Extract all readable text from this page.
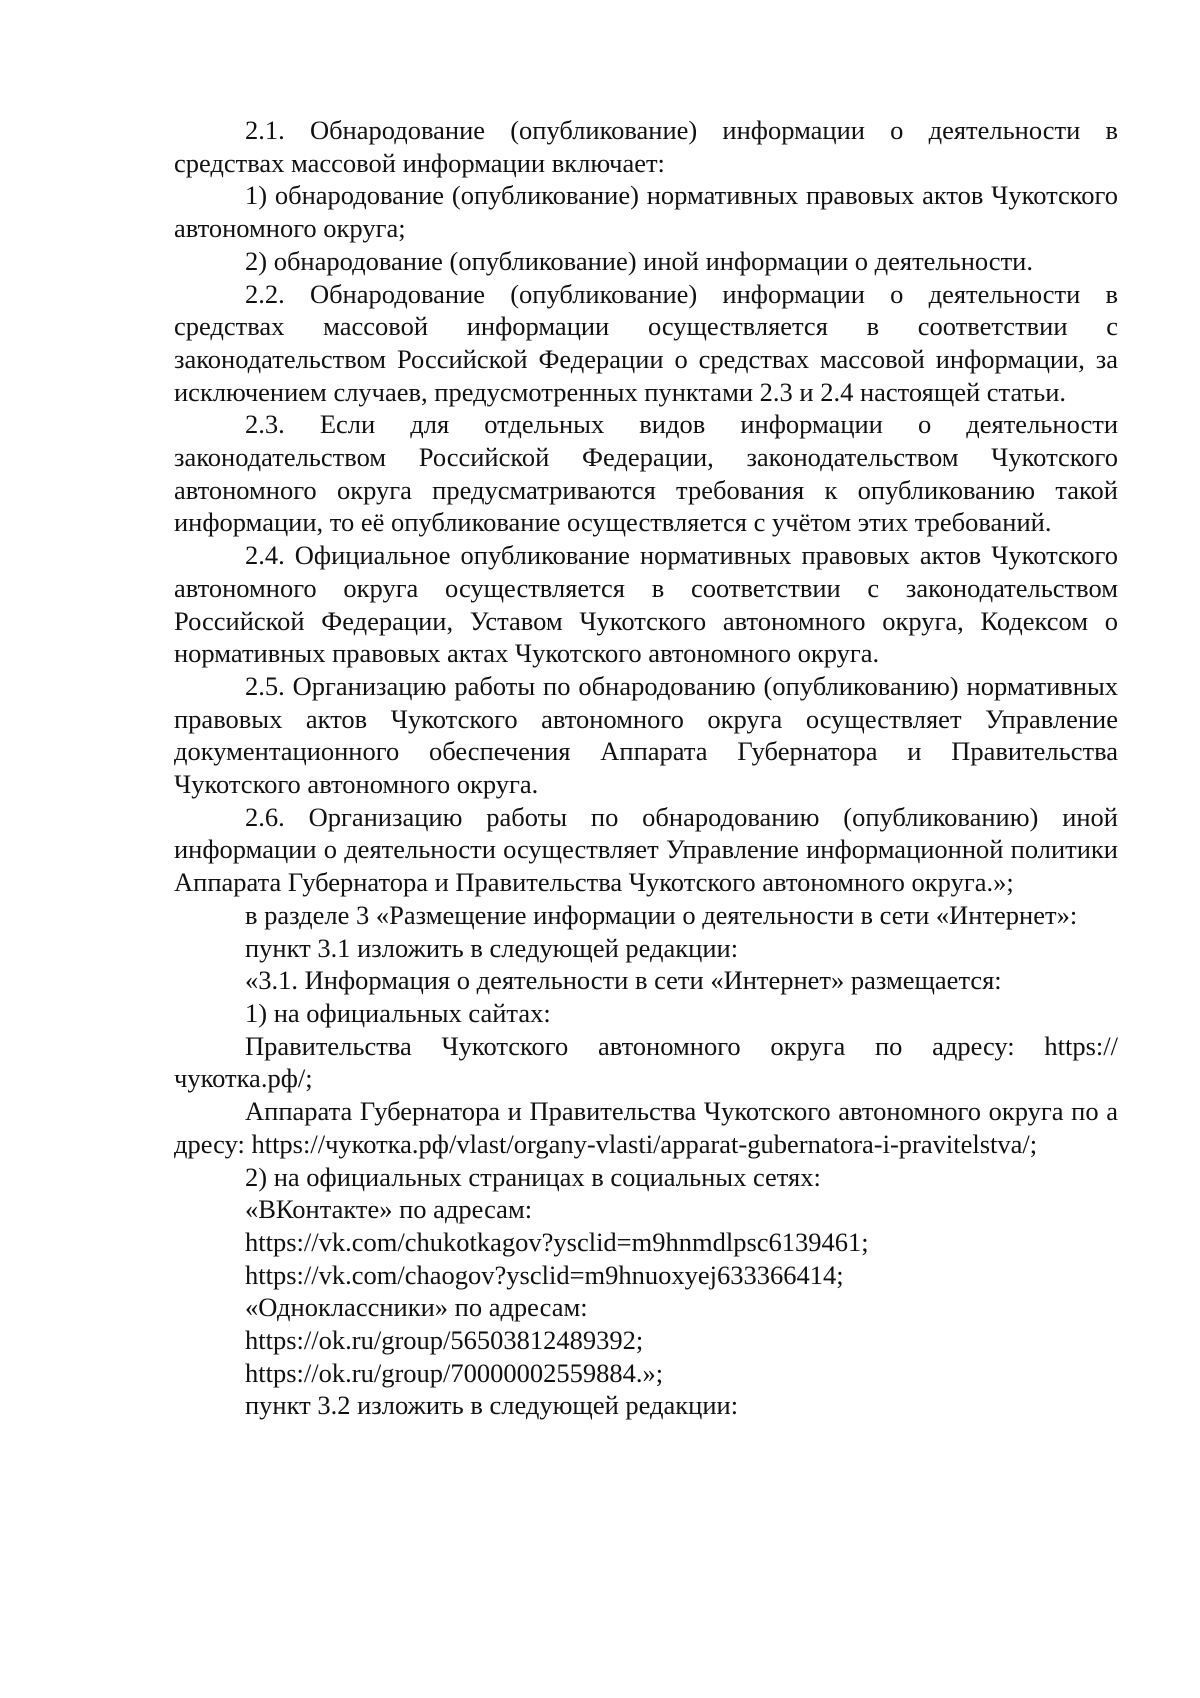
2.1. Обнародование (опубликование) информации о деятельности в средствах массовой информации включает:

1) обнародование (опубликование) нормативных правовых актов Чукотского автономного округа;

2) обнародование (опубликование) иной информации о деятельности.

2.2. Обнародование (опубликование) информации о деятельности в средствах массовой информации осуществляется в соответствии с законодательством Российской Федерации о средствах массовой информации, за исключением случаев, предусмотренных пунктами 2.3 и 2.4 настоящей статьи.

2.3. Если для отдельных видов информации о деятельности законодательством Российской Федерации, законодательством Чукотского автономного округа предусматриваются требования к опубликованию такой информации, то её опубликование осуществляется с учётом этих требований.

2.4. Официальное опубликование нормативных правовых актов Чукотского автономного округа осуществляется в соответствии с законодательством Российской Федерации, Уставом Чукотского автономного округа, Кодексом о нормативных правовых актах Чукотского автономного округа.

2.5. Организацию работы по обнародованию (опубликованию) нормативных правовых актов Чукотского автономного округа осуществляет Управление документационного обеспечения Аппарата Губернатора и Правительства Чукотского автономного округа.

2.6. Организацию работы по обнародованию (опубликованию) иной информации о деятельности осуществляет Управление информационной политики Аппарата Губернатора и Правительства Чукотского автономного округа.»;

в разделе 3 «Размещение информации о деятельности в сети «Интернет»:

пункт 3.1 изложить в следующей редакции:

«3.1. Информация о деятельности в сети «Интернет» размещается:

1) на официальных сайтах:

Правительства Чукотского автономного округа по адресу: https://чукотка.рф/;

Аппарата Губернатора и Правительства Чукотского автономного округа по адресу: https://чукотка.рф/vlast/organy-vlasti/apparat-gubernatora-i-pravitelstva/;

2) на официальных страницах в социальных сетях:

«ВКонтакте» по адресам:

https://vk.com/chukotkagov?ysclid=m9hnmdlpsc6139461;

https://vk.com/chaogov?ysclid=m9hnuoxyej633366414;

«Одноклассники» по адресам:

https://ok.ru/group/56503812489392;

https://ok.ru/group/70000002559884.»;

пункт 3.2 изложить в следующей редакции:
